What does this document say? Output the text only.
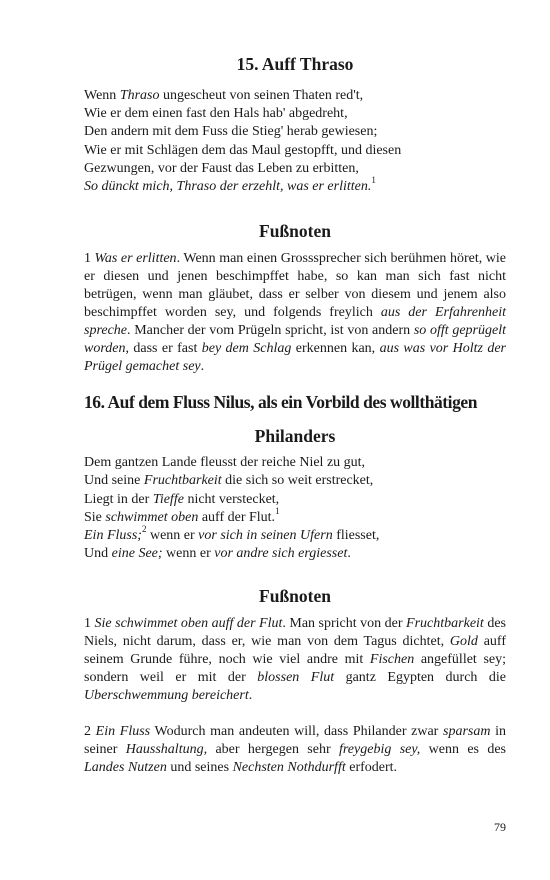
15. Auff Thraso
Wenn Thraso ungescheut von seinen Thaten red't,
Wie er dem einen fast den Hals hab' abgedreht,
Den andern mit dem Fuss die Stieg' herab gewiesen;
Wie er mit Schlägen dem das Maul gestopfft, und diesen
Gezwungen, vor der Faust das Leben zu erbitten,
So dünckt mich, Thraso der erzehlt, was er erlitten.$^1$
Fußnoten

1 Was er erlitten. Wenn man einen Grosssprecher sich berühmen höret, wie er diesen und jenen beschimpffet habe, so kan man sich fast nicht betrügen, wenn man gläubet, dass er selber von diesem und jenem also beschimpffet worden sey, und folgends freylich aus der Erfahrenheit spreche. Mancher der vom Prügeln spricht, ist von andern so offt geprügelt worden, dass er fast bey dem Schlag erkennen kan, aus was vor Holtz der Prügel gemachet sey.

16. Auf dem Fluss Nilus, als ein Vorbild des wollthätigen
Philanders
Dem gantzen Lande fleusst der reiche Niel zu gut,
Und seine Fruchtbarkeit die sich so weit erstrecket,
Liegt in der Tieffe nicht verstecket,
Sie schwimmet oben auff der Flut.$^1$
Ein Fluss;$^2$ wenn er vor sich in seinen Ufern fliesset,
Und eine See; wenn er vor andre sich ergiesset.
Fußnoten

1 Sie schwimmet oben auff der Flut. Man spricht von der Fruchtbarkeit des Niels, nicht darum, dass er, wie man von dem Tagus dichtet, Gold auff seinem Grunde führe, noch wie viel andre mit Fischen angefüllet sey; sondern weil er mit der blossen Flut gantz Egypten durch die Uberschwemmung bereichert.

2 Ein Fluss Wodurch man andeuten will, dass Philander zwar sparsam in seiner Hausshaltung, aber hergegen sehr freygebig sey, wenn es des Landes Nutzen und seines Nechsten Nothdurfft erfodert.

79
